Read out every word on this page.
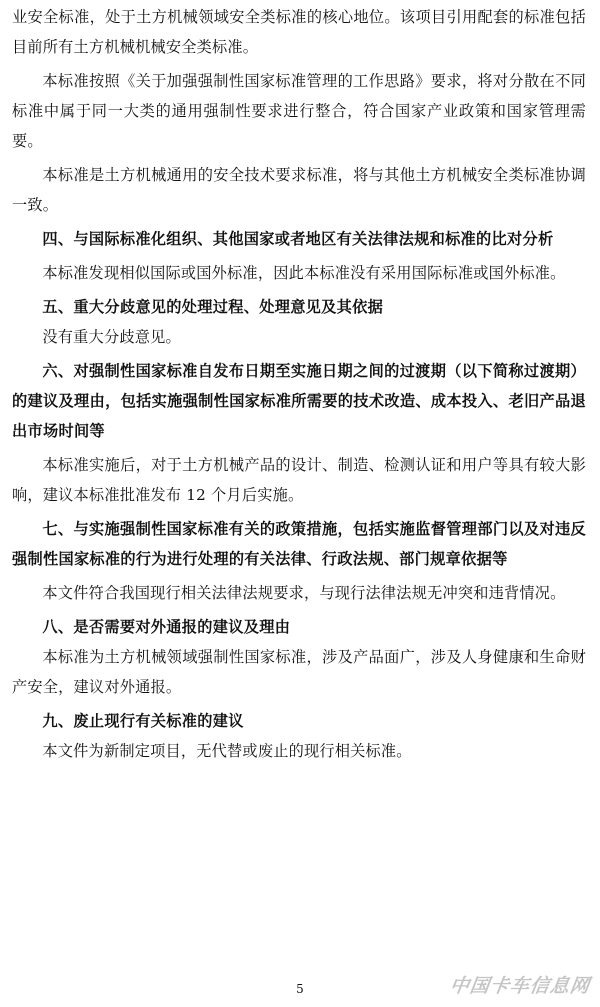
业安全标准，处于土方机械领域安全类标准的核心地位。该项目引用配套的标准包括目前所有土方机械机械安全类标准。

本标准按照《关于加强强制性国家标准管理的工作思路》要求，将对分散在不同标准中属于同一大类的通用强制性要求进行整合，符合国家产业政策和国家管理需要。

本标准是土方机械通用的安全技术要求标准，将与其他土方机械安全类标准协调一致。

四、与国际标准化组织、其他国家或者地区有关法律法规和标准的比对分析

本标准发现相似国际或国外标准，因此本标准没有采用国际标准或国外标准。

五、重大分歧意见的处理过程、处理意见及其依据

没有重大分歧意见。

六、对强制性国家标准自发布日期至实施日期之间的过渡期（以下简称过渡期）的建议及理由，包括实施强制性国家标准所需要的技术改造、成本投入、老旧产品退出市场时间等

本标准实施后，对于土方机械产品的设计、制造、检测认证和用户等具有较大影响，建议本标准批准发布 12 个月后实施。

七、与实施强制性国家标准有关的政策措施，包括实施监督管理部门以及对违反强制性国家标准的行为进行处理的有关法律、行政法规、部门规章依据等

本文件符合我国现行相关法律法规要求，与现行法律法规无冲突和违背情况。

八、是否需要对外通报的建议及理由

本标准为土方机械领域强制性国家标准，涉及产品面广，涉及人身健康和生命财产安全，建议对外通报。

九、废止现行有关标准的建议

本文件为新制定项目，无代替或废止的现行相关标准。

5	中国卡车信息网
